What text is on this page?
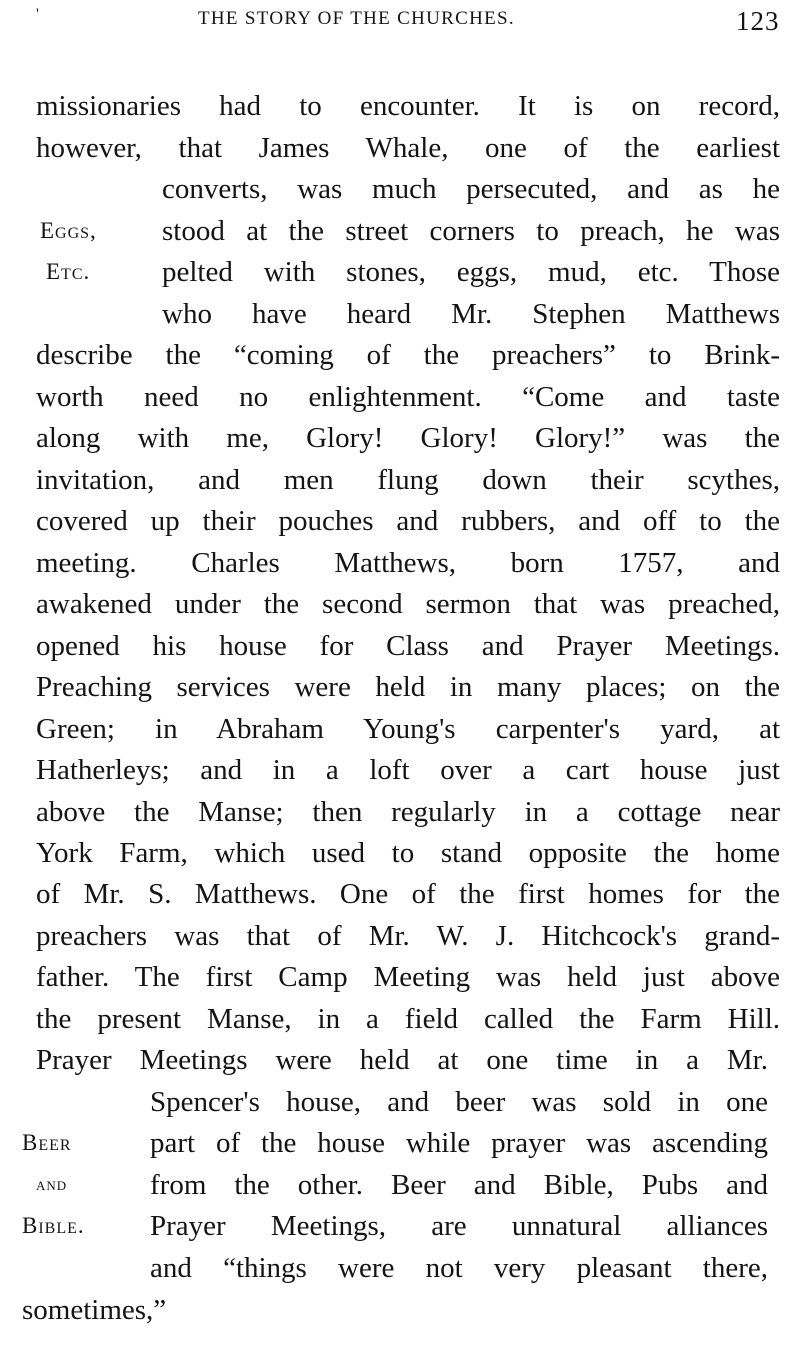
'	THE STORY OF THE CHURCHES.	123
missionaries had to encounter. It is on record,
however, that James Whale, one of the earliest
converts, was much persecuted, and as he
stood at the street corners to preach, he was
pelted with stones, eggs, mud, etc. Those
who have heard Mr. Stephen Matthews
describe the “coming of the preachers” to Brink-
worth need no enlightenment. “Come and taste
along with me, Glory! Glory! Glory!” was the
invitation, and men flung down their scythes,
covered up their pouches and rubbers, and off to the
meeting. Charles Matthews, born 1757, and
awakened under the second sermon that was preached,
opened his house for Class and Prayer Meetings.
Preaching services were held in many places; on the
Green; in Abraham Young's carpenter's yard, at
Hatherleys; and in a loft over a cart house just
above the Manse; then regularly in a cottage near
York Farm, which used to stand opposite the home
of Mr. S. Matthews. One of the first homes for the
preachers was that of Mr. W. J. Hitchcock's grand-
father. The first Camp Meeting was held just above
the present Manse, in a field called the Farm Hill.
Prayer Meetings were held at one time in a Mr.
Spencer's house, and beer was sold in one
part of the house while prayer was ascending
from the other. Beer and Bible, Pubs and
Prayer Meetings, are unnatural alliances
and “things were not very pleasant there,
sometimes,”
Eggs,
Etc.
Beer
and
Bible.
